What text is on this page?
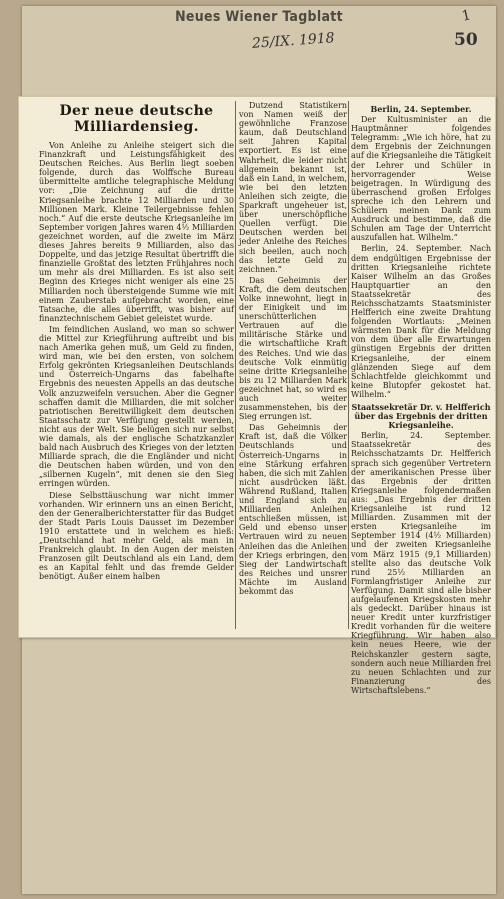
Neues Wiener Tagblatt
25/IX. 1918
1
50
Der neue deutsche Milliardensieg.

Von Anleihe zu Anleihe steigert sich die Finanzkraft und Leistungsfähigkeit des Deutschen Reiches. Aus Berlin liegt soeben folgende, durch das Wolffsche Bureau übermittelte amtliche telegraphische Meldung vor: „Die Zeichnung auf die dritte Kriegsanleihe brachte 12 Milliarden und 30 Millionen Mark. Kleine Teilergebnisse fehlen noch.“ Auf die erste deutsche Kriegsanleihe im September vorigen Jahres waren 4½ Milliarden gezeichnet worden, auf die zweite im März dieses Jahres bereits 9 Milliarden, also das Doppelte, und das jetzige Resultat übertrifft die finanzielle Großtat des letzten Frühjahres noch um mehr als drei Milliarden. Es ist also seit Beginn des Krieges nicht weniger als eine 25 Milliarden noch übersteigende Summe wie mit einem Zauberstab aufgebracht worden, eine Tatsache, die alles überrifft, was bisher auf finanztechnischem Gebiet geleistet wurde.

Im feindlichen Ausland, wo man so schwer die Mittel zur Kriegführung auftreibt und bis nach Amerika gehen muß, um Geld zu finden, wird man, wie bei den ersten, von solchem Erfolg gekrönten Kriegsanleihen Deutschlands und Österreich-Ungarns das fabelhafte Ergebnis des neuesten Appells an das deutsche Volk anzuzweifeln versuchen. Aber die Gegner schaffen damit die Milliarden, die mit solcher patriotischen Bereitwilligkeit dem deutschen Staatsschatz zur Verfügung gestellt werden, nicht aus der Welt. Sie belügen sich nur selbst wie damals, als der englische Schatzkanzler bald nach Ausbruch des Krieges von der letzten Milliarde sprach, die die Engländer und nicht die Deutschen haben würden, und von den „silbernen Kugeln“, mit denen sie den Sieg erringen würden.

Diese Selbsttäuschung war nicht immer vorhanden. Wir erinnern uns an einen Bericht, den der Generalberichterstatter für das Budget der Stadt Paris Louis Dausset im Dezember 1910 erstattete und in welchem es hieß: „Deutschland hat mehr Geld, als man in Frankreich glaubt. In den Augen der meisten Franzosen gilt Deutschland als ein Land, dem es an Kapital fehlt und das fremde Gelder benötigt. Außer einem halben

Dutzend Statistikern von Namen weiß der gewöhnliche Franzose kaum, daß Deutschland seit Jahren Kapital exportiert. Es ist eine Wahrheit, die leider nicht allgemein bekannt ist, daß ein Land, in welchem, wie bei den letzten Anleihen sich zeigte, die Sparkraft ungeheuer ist, über unerschöpfliche Quellen verfügt. Die Deutschen werden bei jeder Anleihe des Reiches sich beeilen, auch noch das letzte Geld zu zeichnen.“

Das Geheimnis der Kraft, die dem deutschen Volke innewohnt, liegt in der Einigkeit und im unerschütterlichen Vertrauen auf die militärische Stärke und die wirtschaftliche Kraft des Reiches. Und wie das deutsche Volk einmütig seine dritte Kriegsanleihe bis zu 12 Milliarden Mark gezeichnet hat, so wird es auch weiter zusammenstehen, bis der Sieg errungen ist.

Das Geheimnis der Kraft ist, daß die Völker Deutschlands und Österreich-Ungarns in eine Stärkung erfahren haben, die sich mit Zahlen nicht ausdrücken läßt. Während Rußland, Italien und England sich zu Milliarden Anleihen entschließen müssen, ist Geld und ebenso unser Vertrauen wird zu neuen Anleihen das die Anleihen der Kriegs erbringen, den Sieg der Landwirtschaft des Reiches und unsrer Mächte im Ausland bekommt das

Berlin, 24. September.

Der Kultusminister an die Hauptmänner folgendes Telegramm: „Wie ich höre, hat zu dem Ergebnis der Zeichnungen auf die Kriegsanleihe die Tätigkeit der Lehrer und Schüler in hervorragender Weise beigetragen. In Würdigung des überraschend großen Erfolges spreche ich den Lehrern und Schülern meinen Dank zum Ausdruck und bestimme, daß die Schulen am Tage der Unterricht auszufallen hat. Wilhelm.“

Berlin, 24. September. Nach dem endgültigen Ergebnisse der dritten Kriegsanleihe richtete Kaiser Wilhelm an das Großes Hauptquartier an den Staatssekretär des Reichsschatzamts Staatsminister Helfferich eine zweite Drahtung folgenden Wortlauts: „Meinen wärmsten Dank für die Meldung von dem über alle Erwartungen günstigen Ergebnis der dritten Kriegsanleihe, der einem glänzenden Siege auf dem Schlachtfelde gleichkommt und keine Blutopfer gekostet hat. Wilhelm.“

Staatssekretär Dr. v. Helfferich über das Ergebnis der dritten Kriegsanleihe.

Berlin, 24. September. Staatssekretär des Reichsschatzamts Dr. Helfferich sprach sich gegenüber Vertretern der amerikanischen Presse über das Ergebnis der dritten Kriegsanleihe folgendermaßen aus: „Das Ergebnis der dritten Kriegsanleihe ist rund 12 Milliarden. Zusammen mit der ersten Kriegsanleihe im September 1914 (4½ Milliarden) und der zweiten Kriegsanleihe vom März 1915 (9,1 Milliarden) stellte also das deutsche Volk rund 25½ Milliarden an Formlangfristiger Anleihe zur Verfügung. Damit sind alle bisher aufgelaufenen Kriegskosten mehr als gedeckt. Darüber hinaus ist neuer Kredit unter kurzfristiger Kredit vorhanden für die weitere Kriegführung. Wir haben also kein neues Heere, wie der Reichskanzler gestern sagte, sondern auch neue Milliarden frei zu neuen Schlachten und zur Finanzierung des Wirtschaftslebens.“
